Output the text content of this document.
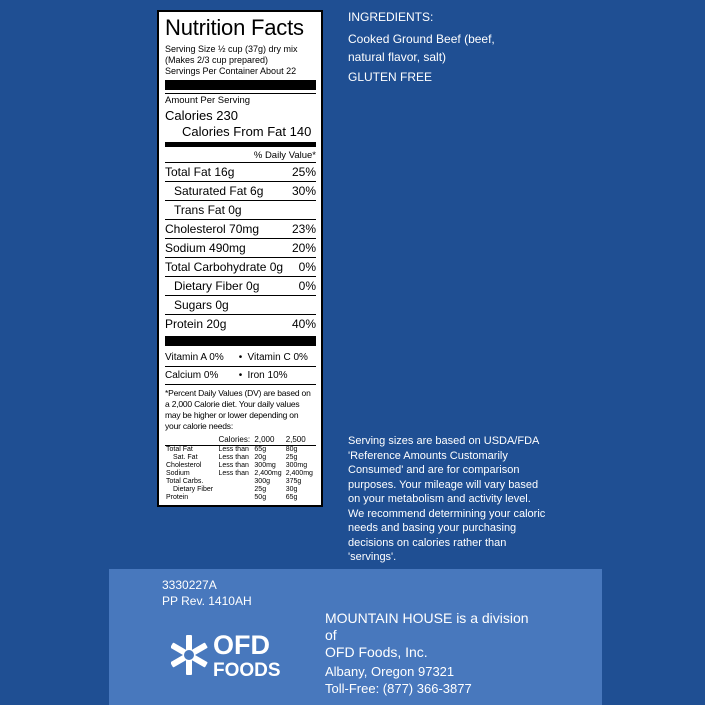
Nutrition Facts
Serving Size ½ cup (37g) dry mix
(Makes 2/3 cup prepared)
Servings Per Container About 22
Amount Per Serving
Calories 230
Calories From Fat 140
% Daily Value*
Total Fat 16g	25%
Saturated Fat 6g 30%
Trans Fat 0g
Cholesterol 70mg	23%
Sodium 490mg	20%
Total Carbohydrate 0g 0%
Dietary Fiber 0g	0%
Sugars 0g
Protein 20g	40%
Vitamin A 0%	• Vitamin C 0%
Calcium 0%	• Iron 10%
*Percent Daily Values (DV) are based on a 2,000 Calorie diet. Your daily values may be higher or lower depending on your calorie needs:
	Calories:	2,000	2,500
Total Fat	Less than	65g	80g
Sat. Fat	Less than	20g	25g
Cholesterol	Less than	300mg	300mg
Sodium	Less than	2,400mg	2,400mg
Total Carbs.		300g	375g
Dietary Fiber		25g	30g
Protein		50g	65g
INGREDIENTS:
Cooked Ground Beef (beef, natural flavor, salt)
GLUTEN FREE
Serving sizes are based on USDA/FDA 'Reference Amounts Customarily Consumed' and are for comparison purposes. Your mileage will vary based on your metabolism and activity level. We recommend determining your caloric needs and basing your purchasing decisions on calories rather than 'servings'.
3330227A
PP Rev. 1410AH
OFD
FOODS
MOUNTAIN HOUSE is a division
of
OFD Foods, Inc.
Albany, Oregon 97321
Toll-Free: (877) 366-3877
